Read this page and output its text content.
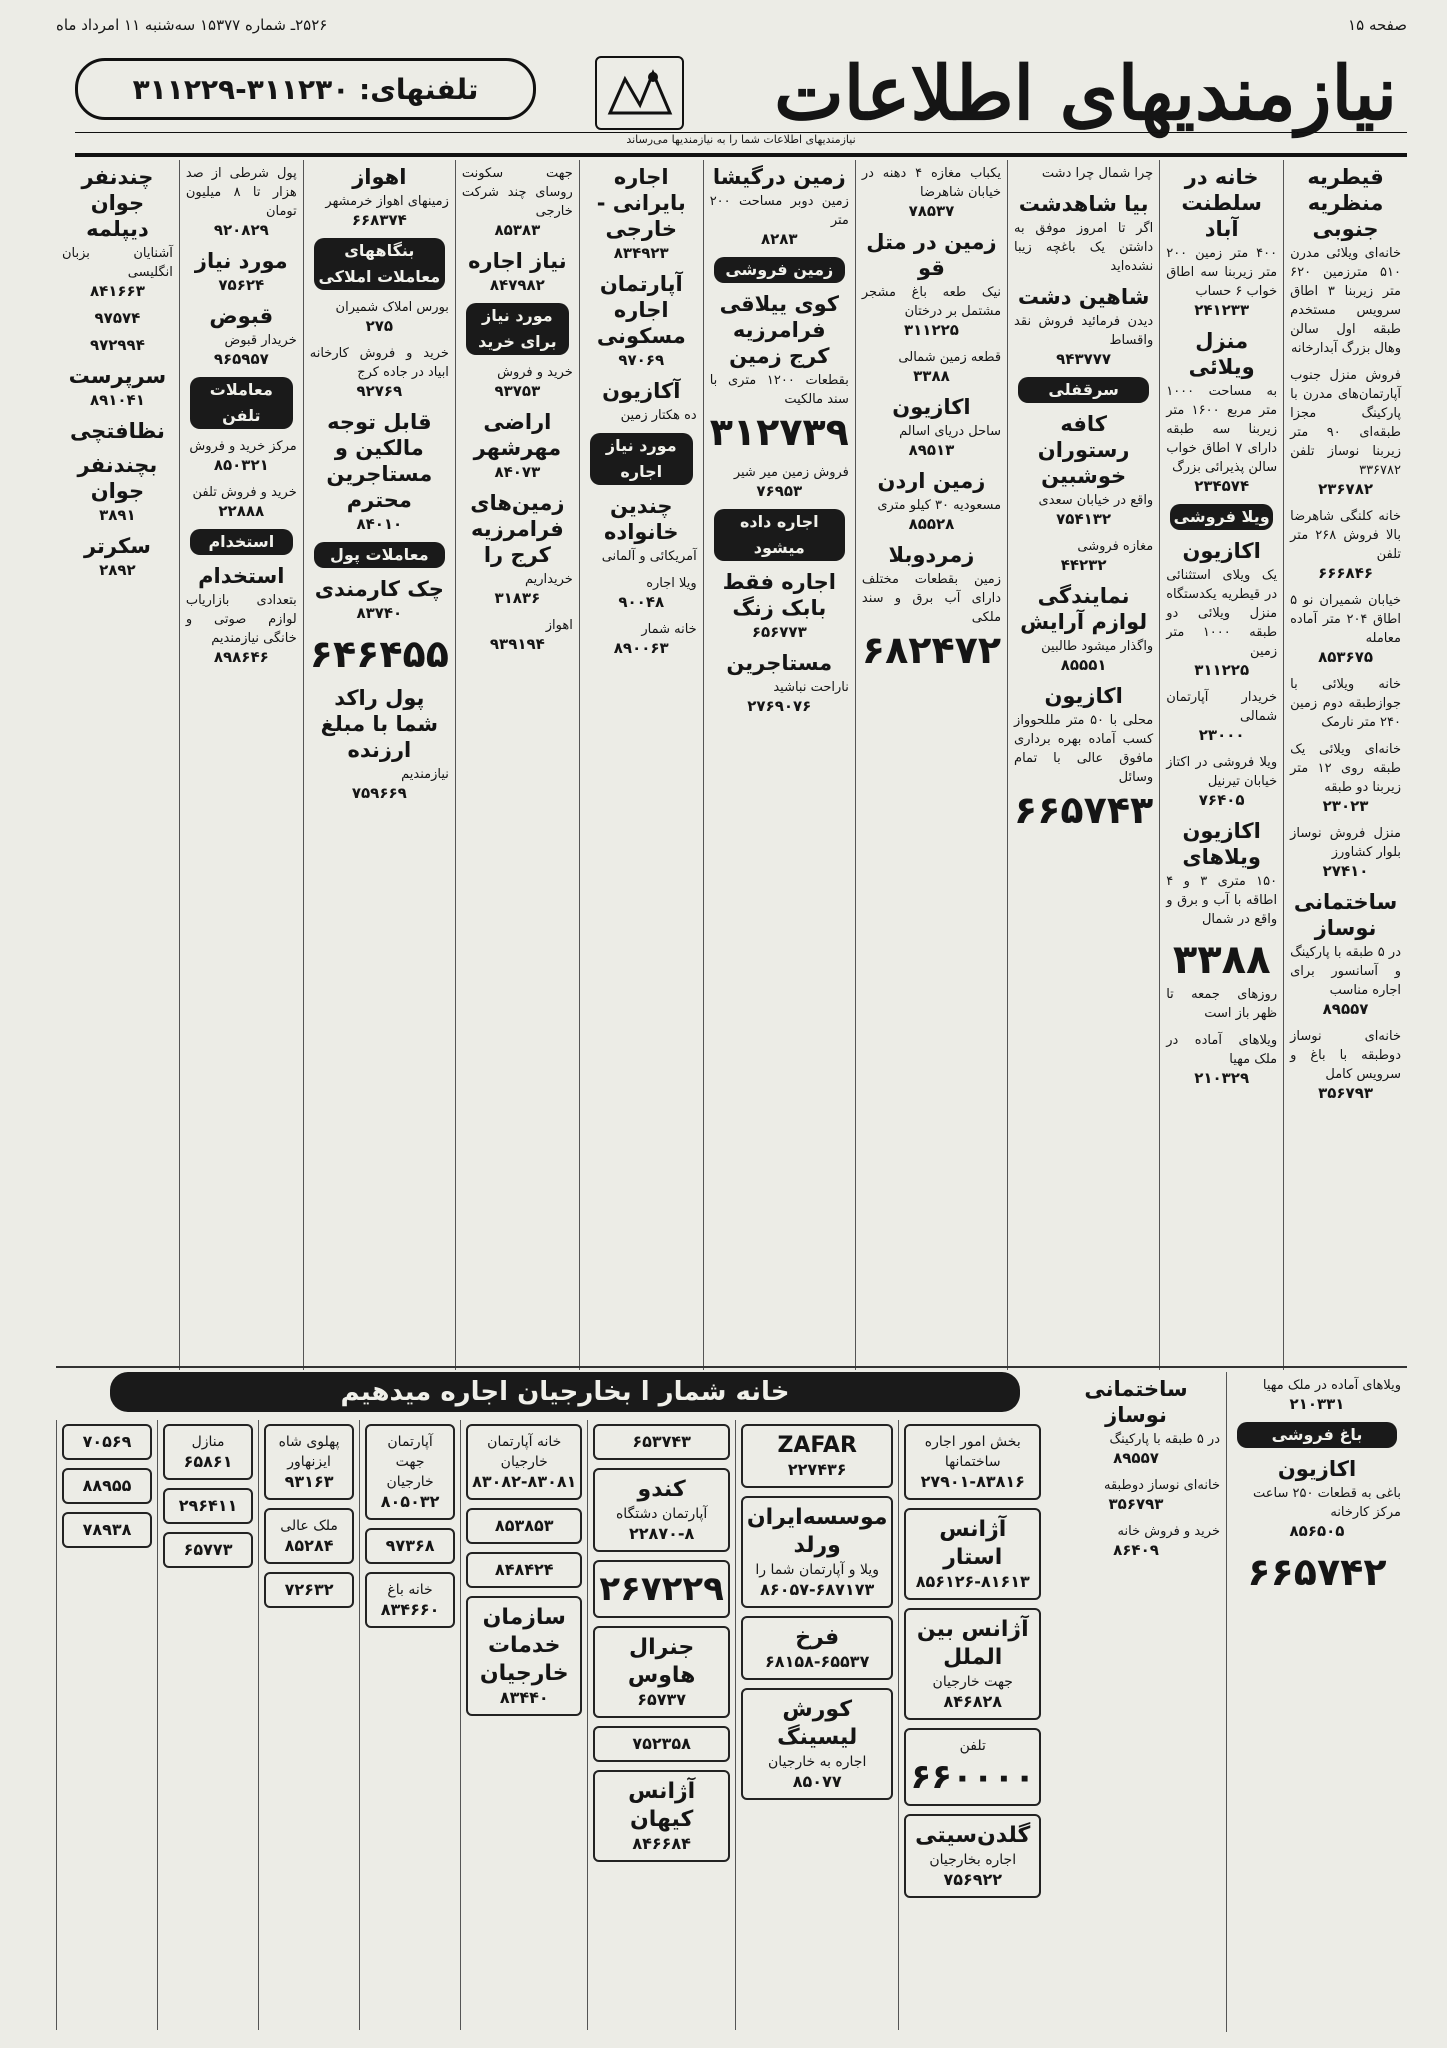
صفحه ۱۵
۲۵۲۶ـ شماره ۱۵۳۷۷ سه‌شنبه ۱۱ امرداد ماه
نیازمندیهای اطلاعات
تلفنهای: ۳۱۱۲۳۰-۳۱۱۲۲۹
نیازمندیهای اطلاعات شما را به نیازمندیها می‌رساند
قیطریه منظریه جنوبی

خانه‌ای ویلائی مدرن ۵۱۰ مترزمین ۶۲۰ متر زیربنا ۳ اطاق سرویس مستخدم طبقه اول سالن وهال بزرگ آبدارخانه

فروش منزل جنوب آپارتمان‌های مدرن با پارکینگ مجزا طبقه‌ای ۹۰ متر زیربنا نوساز تلفن ۳۳۶۷۸۲

۲۳۶۷۸۲

خانه کلنگی شاهرضا بالا فروش ۲۶۸ متر تلفن

۶۶۶۸۴۶

خیابان شمیران نو ۵ اطاق ۲۰۴ متر آماده معامله

۸۵۳۶۷۵

خانه ویلائی با جوازطبقه دوم زمین ۲۴۰ متر نارمک

خانه‌ای ویلائی یک طبقه روی ۱۲ متر زیربنا دو طبقه

۲۳۰۲۳

منزل فروش نوساز بلوار کشاورز

۲۷۴۱۰
ساختمانی نوساز

در ۵ طبقه با پارکینگ و آسانسور برای اجاره مناسب

۸۹۵۵۷

خانه‌ای نوساز دوطبقه با باغ و سرویس کامل

۳۵۶۷۹۳
خانه در سلطنت آباد

۴۰۰ متر زمین ۲۰۰ متر زیربنا سه اطاق خواب ۶ حساب

۲۴۱۲۳۳
منزل ویلائی

به مساحت ۱۰۰۰ متر مربع ۱۶۰۰ متر زیربنا سه طبقه دارای ۷ اطاق خواب سالن پذیرائی بزرگ

۲۳۴۵۷۴
ویلا فروشی
اکازیون

یک ویلای استثنائی در قیطریه یکدستگاه منزل ویلائی دو طبقه ۱۰۰۰ متر زمین

۳۱۱۲۲۵

خریدار آپارتمان شمالی

۲۳۰۰۰

ویلا فروشی در اکتاز خیابان تیرنیل

۷۶۴۰۵
اکازیون ویلاهای

۱۵۰ متری ۳ و ۴ اطاقه با آب و برق و واقع در شمال

۳۳۸۸

روزهای جمعه تا ظهر باز است

ویلاهای آماده در ملک مهیا

۲۱۰۳۲۹

چرا شمال چرا دشت

بیا شاهدشت

اگر تا امروز موفق به داشتن یک باغچه زیبا نشده‌اید

شاهین دشت

دیدن فرمائید فروش نقد واقساط

۹۴۳۷۷۷
سرقفلی
کافه رستوران خوشبین

واقع در خیابان سعدی

۷۵۴۱۳۲

مغازه فروشی

۴۴۲۳۲
نمایندگی لوازم آرایش

واگذار میشود طالبین

۸۵۵۵۱
اکازیون

محلی با ۵۰ متر مللحوواز کسب آماده بهره برداری مافوق عالی با تمام وسائل

۶۶۵۷۴۳

یکباب مغازه ۴ دهنه در خیابان شاهرضا

۷۸۵۳۷
زمین در متل قو

نیک طعه باغ مشجر مشتمل بر درختان

۳۱۱۲۲۵

قطعه زمین شمالی

۳۳۸۸
اکازیون

ساحل دریای اسالم

۸۹۵۱۳
زمین اردن

مسعودیه ۳۰ کیلو متری

۸۵۵۲۸
زمردوبلا

زمین بقطعات مختلف دارای آب برق و سند ملکی

۶۸۲۴۷۲
زمین درگیشا

زمین دوبر مساحت ۲۰۰ متر

۸۲۸۳
زمین فروشی
کوی ییلاقی فرامرزیه کرج زمین

بقطعات ۱۲۰۰ متری با سند مالکیت

۳۱۲۷۳۹

فروش زمین میر شیر

۷۶۹۵۳
اجاره داده میشود
اجاره فقط بابک زنگ
۶۵۶۷۷۳
مستاجرین

ناراحت نباشید

۲۷۶۹۰۷۶
اجاره بایرانی - خارجی
۸۳۴۹۲۳
آپارتمان اجاره مسکونی
۹۷۰۶۹
آکازیون

ده هکتار زمین

مورد نیاز اجاره
چندین خانواده

آمریکائی و آلمانی

ویلا اجاره

۹۰۰۴۸

خانه شمار

۸۹۰۰۶۳

جهت سکونت روسای چند شرکت خارجی

۸۵۳۸۳
نیاز اجاره
۸۴۷۹۸۲
مورد نیاز برای خرید

خرید و فروش

۹۳۷۵۳
اراضی مهرشهر
۸۴۰۷۳
زمین‌های فرامرزیه کرج را

خریداریم

۳۱۸۳۶

اهواز

۹۳۹۱۹۴
اهواز

زمینهای اهواز خرمشهر

۶۶۸۳۷۴
بنگاههای معاملات املاکی

بورس املاک شمیران

۲۷۵

خرید و فروش کارخانه ابیاد در جاده کرج

۹۲۷۶۹
قابل توجه مالکین و مستاجرین محترم
۸۴۰۱۰
معاملات پول
چک کارمندی
۸۳۷۴۰
۶۴۶۴۵۵
پول راکد شما با مبلغ ارزنده

نیازمندیم

۷۵۹۶۶۹

پول شرطی از صد هزار تا ۸ میلیون تومان

۹۲۰۸۲۹
مورد نیاز
۷۵۶۲۴
قبوض

خریدار قبوض

۹۶۵۹۵۷
معاملات تلفن

مرکز خرید و فروش

۸۵۰۳۲۱

خرید و فروش تلفن

۲۲۸۸۸
استخدام
استخدام

بتعدادی بازاریاب لوازم صوتی و خانگی نیازمندیم

۸۹۸۶۴۶
چندنفر جوان دیپلمه

آشنایان بزبان انگلیسی

۸۴۱۶۶۳
۹۷۵۷۴
۹۷۲۹۹۴
سرپرست
۸۹۱۰۴۱
نظافتچی
بچندنفر جوان
۳۸۹۱
سکرتر
۲۸۹۲
خانه شمار ا بخارجیان اجاره میدهیم
بخش امور اجاره ساختمانها
۲۷۹۰۱-۸۳۸۱۶
آژانس استار
۸۵۶۱۲۶-۸۱۶۱۳
آژانس بین الملل
جهت خارجیان
۸۴۶۸۲۸
تلفن
۶۶۰۰۰۰
گلدن‌سیتی
اجاره بخارجیان
۷۵۶۹۲۲
ZAFAR
۲۲۷۴۳۶
موسسه‌ایران ورلد
ویلا و آپارتمان شما را
۸۶۰۵۷-۶۸۷۱۷۳
فرخ
۶۸۱۵۸-۶۵۵۳۷
کورش لیسینگ
اجاره به خارجیان
۸۵۰۷۷
۶۵۳۷۴۳
کندو
آپارتمان دشتگاه
۲۲۸۷۰-۸
۲۶۷۲۲۹
جنرال هاوس
۶۵۷۳۷
۷۵۲۳۵۸
آژانس کیهان
۸۴۶۶۸۴
خانه آپارتمان خارجیان
۸۳۰۸۲-۸۳۰۸۱
۸۵۳۸۵۳
۸۴۸۴۲۴
سازمان خدمات خارجیان
۸۳۴۴۰
آپارتمان جهت خارجیان
۸۰۵۰۳۲
۹۷۳۶۸
خانه باغ
۸۳۴۶۶۰
پهلوی شاه ایزنهاور
۹۳۱۶۳
ملک عالی
۸۵۲۸۴
۷۲۶۳۲
منازل
۶۵۸۶۱
۲۹۶۴۱۱
۶۵۷۷۳
۷۰۵۶۹
۸۸۹۵۵
۷۸۹۳۸

ویلاهای آماده در ملک مهیا

۲۱۰۳۳۱
باغ فروشی
اکازیون

باغی به قطعات ۲۵۰ ساعت مرکز کارخانه

۸۵۶۵۰۵
۶۶۵۷۴۲
ساختمانی نوساز

در ۵ طبقه با پارکینگ

۸۹۵۵۷

خانه‌ای نوساز دوطبقه

۳۵۶۷۹۳

خرید و فروش خانه

۸۶۴۰۹
